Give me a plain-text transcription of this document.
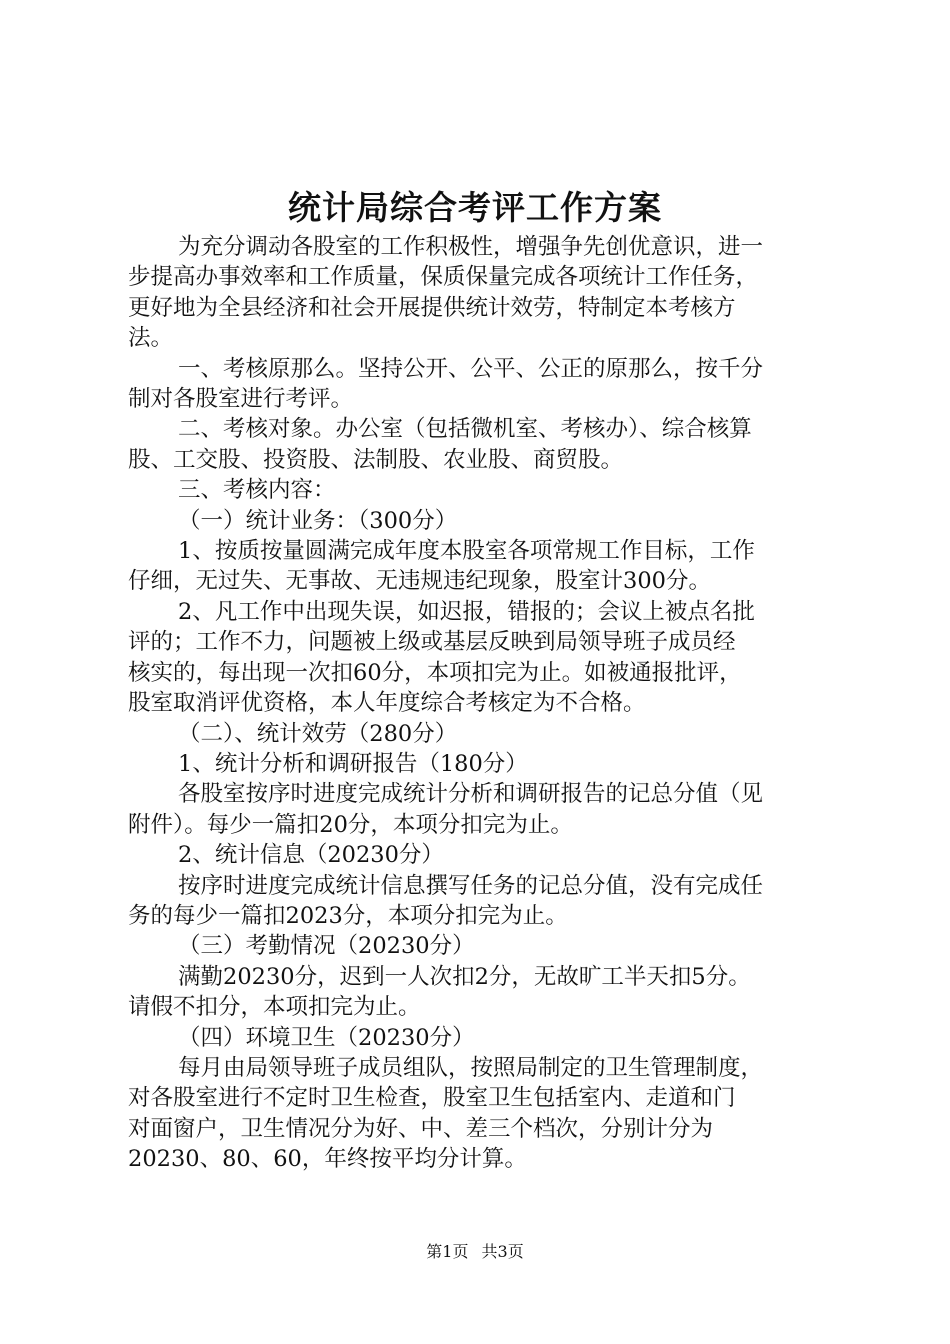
统计局综合考评工作方案

为充分调动各股室的工作积极性，增强争先创优意识，进一

步提高办事效率和工作质量，保质保量完成各项统计工作任务，

更好地为全县经济和社会开展提供统计效劳，特制定本考核方

法。

一、考核原那么。坚持公开、公平、公正的原那么，按千分

制对各股室进行考评。

二、考核对象。办公室（包括微机室、考核办）、综合核算

股、工交股、投资股、法制股、农业股、商贸股。

三、考核内容：

（一）统计业务：（300分）

1、按质按量圆满完成年度本股室各项常规工作目标，工作

仔细，无过失、无事故、无违规违纪现象，股室计300分。

2、凡工作中出现失误，如迟报，错报的；会议上被点名批

评的；工作不力，问题被上级或基层反映到局领导班子成员经

核实的，每出现一次扣60分，本项扣完为止。如被通报批评，

股室取消评优资格，本人年度综合考核定为不合格。

（二）、统计效劳（280分）

1、统计分析和调研报告（180分）

各股室按序时进度完成统计分析和调研报告的记总分值（见

附件）。每少一篇扣20分，本项分扣完为止。

2、统计信息（20230分）

按序时进度完成统计信息撰写任务的记总分值，没有完成任

务的每少一篇扣2023分，本项分扣完为止。

（三）考勤情况（20230分）

满勤20230分，迟到一人次扣2分，无故旷工半天扣5分。

请假不扣分，本项扣完为止。

（四）环境卫生（20230分）

每月由局领导班子成员组队，按照局制定的卫生管理制度，

对各股室进行不定时卫生检查，股室卫生包括室内、走道和门

对面窗户，卫生情况分为好、中、差三个档次，分别计分为

20230、80、60，年终按平均分计算。

第1页 共3页
